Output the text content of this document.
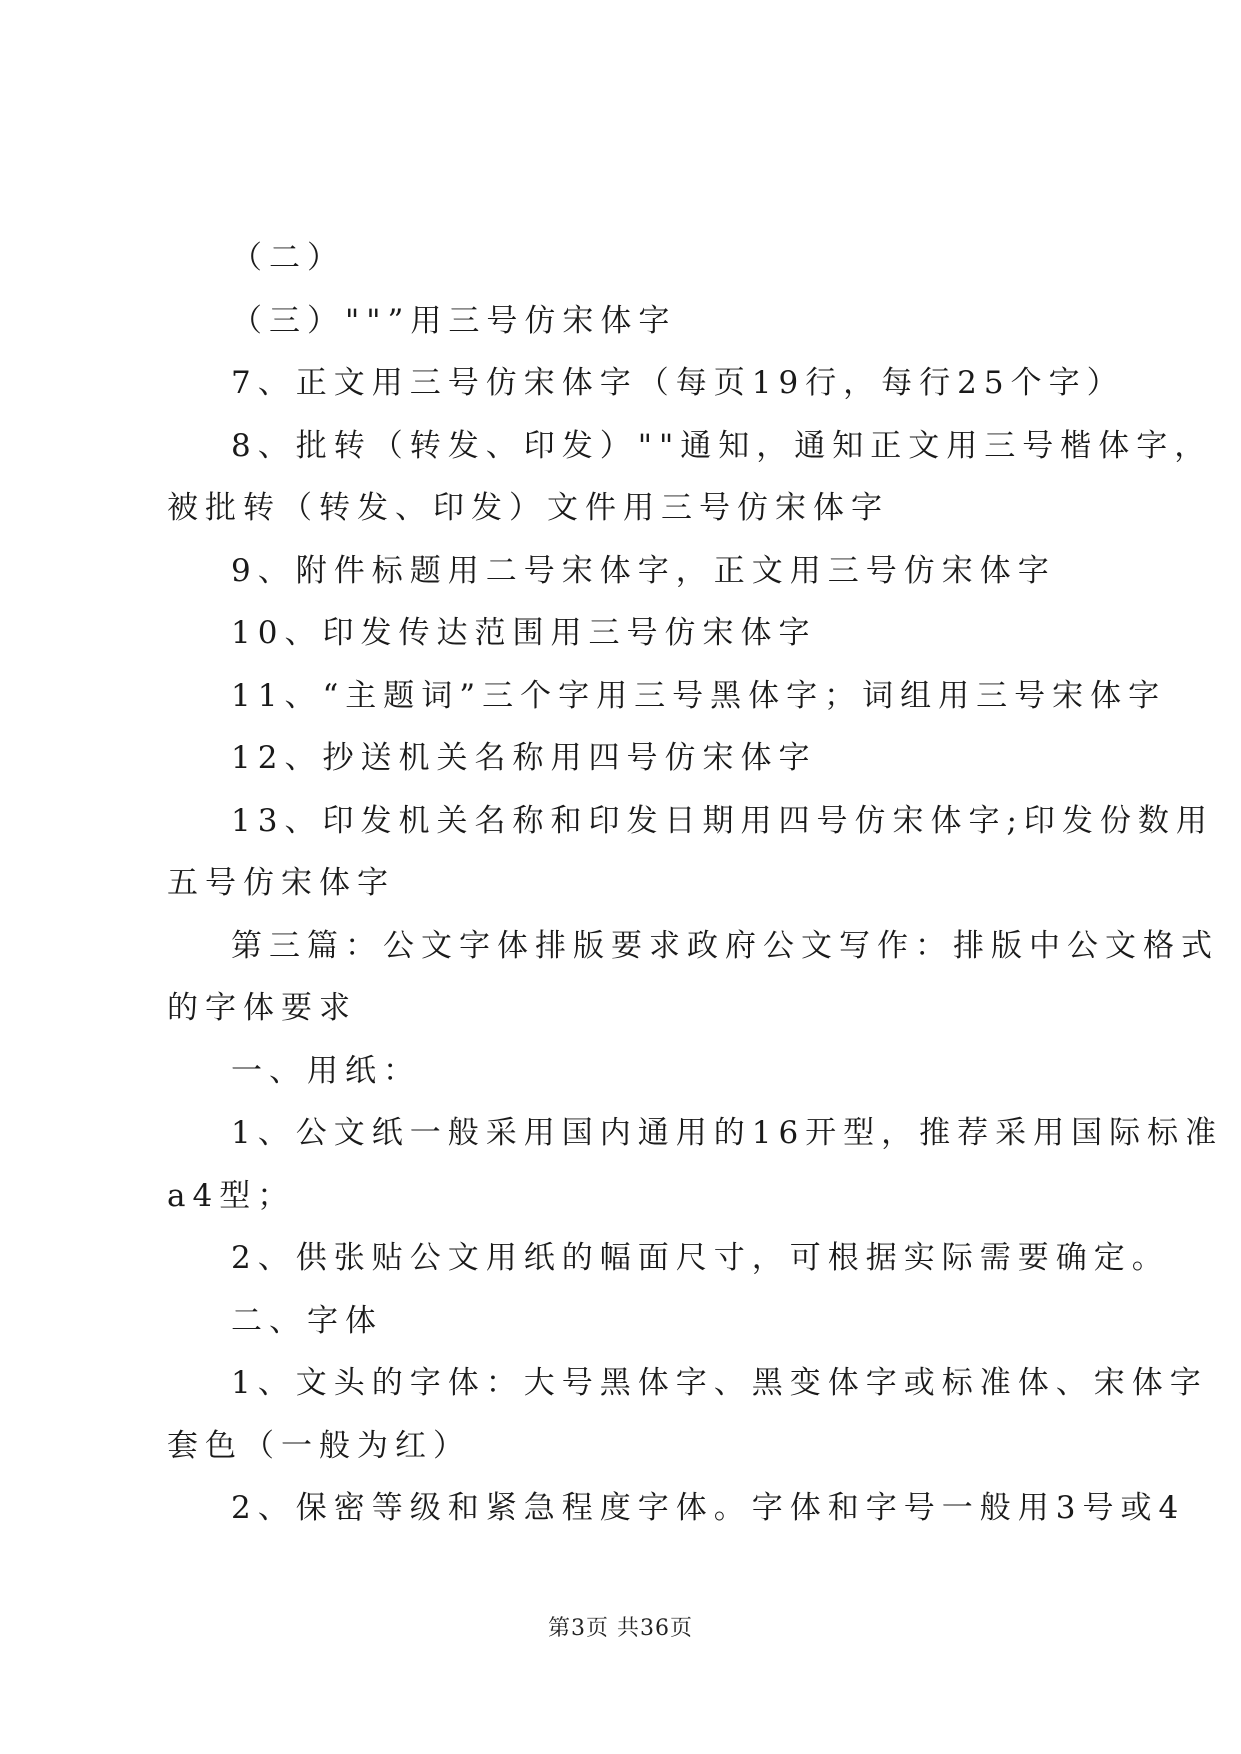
（二）
（三）""”用三号仿宋体字
7、正文用三号仿宋体字（每页19行，每行25个字）
8、批转（转发、印发）""通知，通知正文用三号楷体字，
被批转（转发、印发）文件用三号仿宋体字
9、附件标题用二号宋体字，正文用三号仿宋体字
10、印发传达范围用三号仿宋体字
11、“主题词”三个字用三号黑体字；词组用三号宋体字
12、抄送机关名称用四号仿宋体字
13、印发机关名称和印发日期用四号仿宋体字;印发份数用
五号仿宋体字
第三篇：公文字体排版要求政府公文写作：排版中公文格式
的字体要求
一、用纸：
1、公文纸一般采用国内通用的16开型，推荐采用国际标准
a4型；
2、供张贴公文用纸的幅面尺寸，可根据实际需要确定。
二、字体
1、文头的字体：大号黑体字、黑变体字或标准体、宋体字
套色（一般为红）
2、保密等级和紧急程度字体。字体和字号一般用3号或4
第3页 共36页
